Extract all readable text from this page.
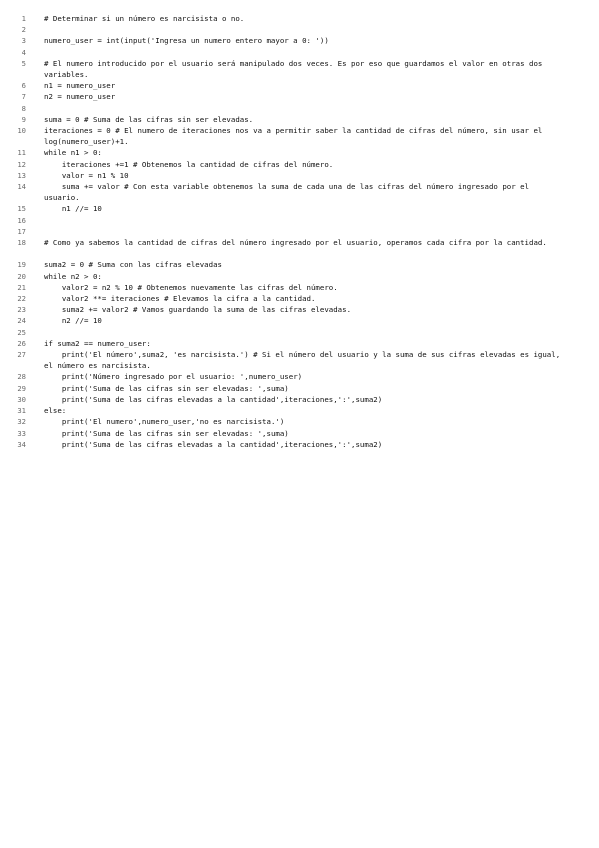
1	# Determinar si un número es narcisista o no.
2
3	numero_user = int(input('Ingresa un numero entero mayor a 0: '))
4
5	# El numero introducido por el usuario será manipulado dos veces. Es por eso que guardamos el valor en otras dos variables.
6	n1 = numero_user
7	n2 = numero_user
8
9	suma = 0 # Suma de las cifras sin ser elevadas.
10	iteraciones = 0 # El numero de iteraciones nos va a permitir saber la cantidad de cifras del número, sin usar el log(numero_user)+1.
11	while n1 > 0:
12	iteraciones +=1 # Obtenemos la cantidad de cifras del número.
13	valor = n1 % 10
14	suma += valor # Con esta variable obtenemos la suma de cada una de las cifras del número ingresado por el usuario.
15	n1 //= 10
16
17
18	# Como ya sabemos la cantidad de cifras del número ingresado por el usuario, operamos cada cifra por la cantidad.
19	suma2 = 0 # Suma con las cifras elevadas
20	while n2 > 0:
21	valor2 = n2 % 10 # Obtenemos nuevamente las cifras del número.
22	valor2 **= iteraciones # Elevamos la cifra a la cantidad.
23	suma2 += valor2 # Vamos guardando la suma de las cifras elevadas.
24	n2 //= 10
25
26	if suma2 == numero_user:
27	print('El número',suma2, 'es narcisista.') # Si el número del usuario y la suma de sus cifras elevadas es igual, el número es narcisista.
28	print('Número ingresado por el usuario: ',numero_user)
29	print('Suma de las cifras sin ser elevadas: ',suma)
30	print('Suma de las cifras elevadas a la cantidad',iteraciones,':',suma2)
31	else:
32	print('El numero',numero_user,'no es narcisista.')
33	print('Suma de las cifras sin ser elevadas: ',suma)
34	print('Suma de las cifras elevadas a la cantidad',iteraciones,':',suma2)
